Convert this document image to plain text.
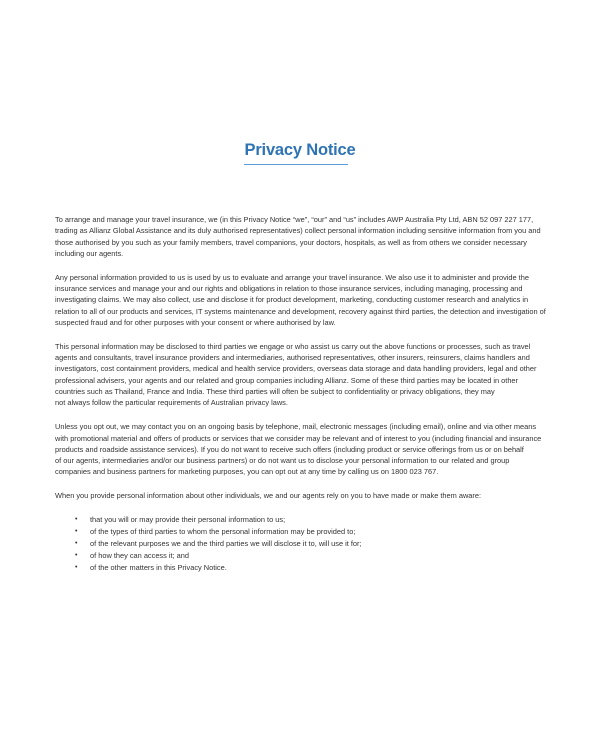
Privacy Notice
To arrange and manage your travel insurance, we (in this Privacy Notice “we”, “our” and “us” includes AWP Australia Pty Ltd, ABN 52 097 227 177,
trading as Allianz Global Assistance and its duly authorised representatives) collect personal information including sensitive information from you and
those authorised by you such as your family members, travel companions, your doctors, hospitals, as well as from others we consider necessary
including our agents.
Any personal information provided to us is used by us to evaluate and arrange your travel insurance. We also use it to administer and provide the
insurance services and manage your and our rights and obligations in relation to those insurance services, including managing, processing and
investigating claims. We may also collect, use and disclose it for product development, marketing, conducting customer research and analytics in
relation to all of our products and services, IT systems maintenance and development, recovery against third parties, the detection and investigation of
suspected fraud and for other purposes with your consent or where authorised by law.
This personal information may be disclosed to third parties we engage or who assist us carry out the above functions or processes, such as travel
agents and consultants, travel insurance providers and intermediaries, authorised representatives, other insurers, reinsurers, claims handlers and
investigators, cost containment providers, medical and health service providers, overseas data storage and data handling providers, legal and other
professional advisers, your agents and our related and group companies including Allianz. Some of these third parties may be located in other
countries such as Thailand, France and India. These third parties will often be subject to confidentiality or privacy obligations, they may
not always follow the particular requirements of Australian privacy laws.
Unless you opt out, we may contact you on an ongoing basis by telephone, mail, electronic messages (including email), online and via other means
with promotional material and offers of products or services that we consider may be relevant and of interest to you (including financial and insurance
products and roadside assistance services). If you do not want to receive such offers (including product or service offerings from us or on behalf
of our agents, intermediaries and/or our business partners) or do not want us to disclose your personal information to our related and group
companies and business partners for marketing purposes, you can opt out at any time by calling us on 1800 023 767.
When you provide personal information about other individuals, we and our agents rely on you to have made or make them aware:
• that you will or may provide their personal information to us;
• of the types of third parties to whom the personal information may be provided to;
• of the relevant purposes we and the third parties we will disclose it to, will use it for;
• of how they can access it; and
• of the other matters in this Privacy Notice.
